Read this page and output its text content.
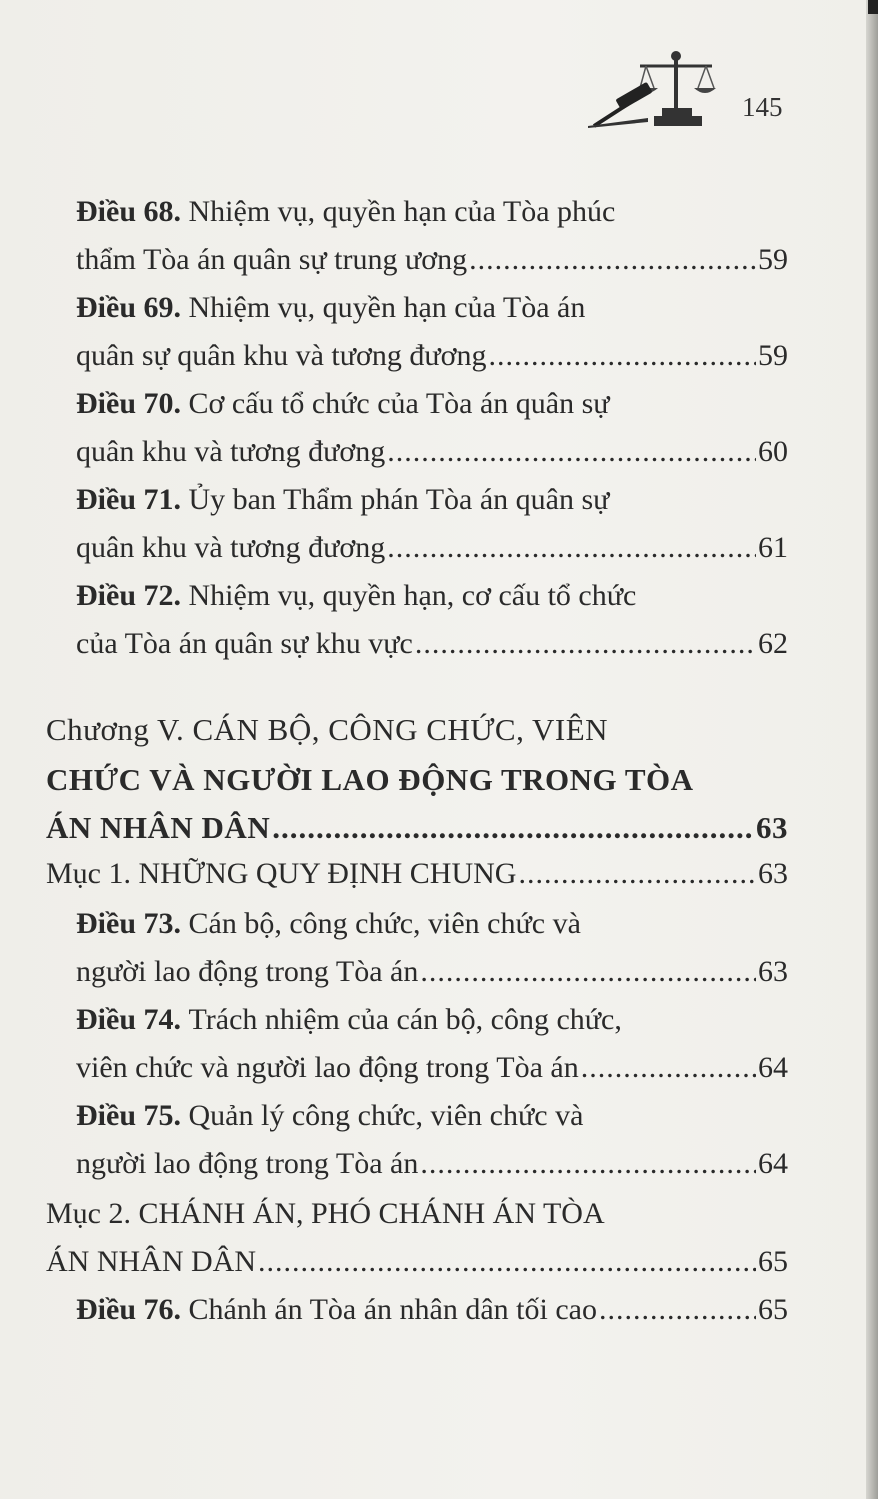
145
Điều 68.
Nhiệm vụ, quyền hạn của Tòa phúc
thẩm Tòa án quân sự trung ương .....	59
Điều 69.
Nhiệm vụ, quyền hạn của Tòa án
quân sự quân khu và tương đương .....	59
Điều 70.
Cơ cấu tổ chức của Tòa án quân sự
quân khu và tương đương .....	60
Điều 71.
Ủy ban Thẩm phán Tòa án quân sự
quân khu và tương đương .....	61
Điều 72.
Nhiệm vụ, quyền hạn, cơ cấu tổ chức
của Tòa án quân sự khu vực .....	62
Chương V. CÁN BỘ, CÔNG CHỨC, VIÊN
CHỨC VÀ NGƯỜI LAO ĐỘNG TRONG TÒA
ÁN NHÂN DÂN .....	63
Mục 1. NHỮNG QUY ĐỊNH CHUNG .....	63
Điều 73.
Cán bộ, công chức, viên chức và
người lao động trong Tòa án .....	63
Điều 74.
Trách nhiệm của cán bộ, công chức,
viên chức và người lao động trong Tòa án .....	64
Điều 75.
Quản lý công chức, viên chức và
người lao động trong Tòa án .....	64
Mục 2. CHÁNH ÁN, PHÓ CHÁNH ÁN TÒA
ÁN NHÂN DÂN .....	65
Điều 76. Chánh án Tòa án nhân dân tối cao .....	65
